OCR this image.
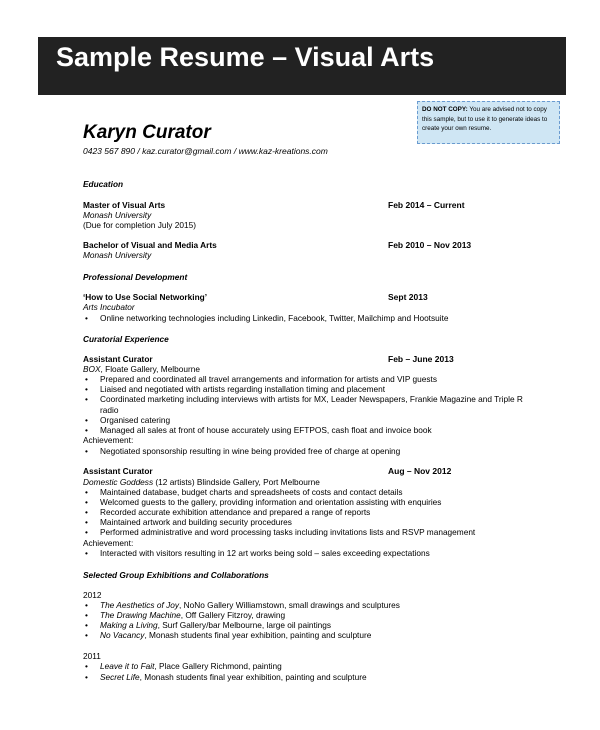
Sample Resume – Visual Arts
DO NOT COPY: You are advised not to copy this sample, but to use it to generate ideas to create your own resume.
Karyn Curator
0423 567 890 / kaz.curator@gmail.com / www.kaz-kreations.com
Education
Master of Visual Arts	Feb 2014 – Current
Monash University
(Due for completion July 2015)
Bachelor of Visual and Media Arts	Feb 2010 – Nov 2013
Monash University
Professional Development
‘How to Use Social Networking’	Sept 2013
Arts Incubator
• Online networking technologies including Linkedin, Facebook, Twitter, Mailchimp and Hootsuite
Curatorial Experience
Assistant Curator	Feb – June 2013
BOX, Floate Gallery, Melbourne
• Prepared and coordinated all travel arrangements and information for artists and VIP guests
• Liaised and negotiated with artists regarding installation timing and placement
• Coordinated marketing including interviews with artists for MX, Leader Newspapers, Frankie Magazine and Triple R
radio
• Organised catering
• Managed all sales at front of house accurately using EFTPOS, cash float and invoice book
Achievement:
• Negotiated sponsorship resulting in wine being provided free of charge at opening
Assistant Curator	Aug – Nov 2012
Domestic Goddess (12 artists) Blindside Gallery, Port Melbourne
• Maintained database, budget charts and spreadsheets of costs and contact details
• Welcomed guests to the gallery, providing information and orientation assisting with enquiries
• Recorded accurate exhibition attendance and prepared a range of reports
• Maintained artwork and building security procedures
• Performed administrative and word processing tasks including invitations lists and RSVP management
Achievement:
• Interacted with visitors resulting in 12 art works being sold – sales exceeding expectations
Selected Group Exhibitions and Collaborations
2012
• The Aesthetics of Joy, NoNo Gallery Williamstown, small drawings and sculptures
• The Drawing Machine, Off Gallery Fitzroy, drawing
• Making a Living, Surf Gallery/bar Melbourne, large oil paintings
• No Vacancy, Monash students final year exhibition, painting and sculpture
2011
• Leave it to Fait, Place Gallery Richmond, painting
• Secret Life, Monash students final year exhibition, painting and sculpture
